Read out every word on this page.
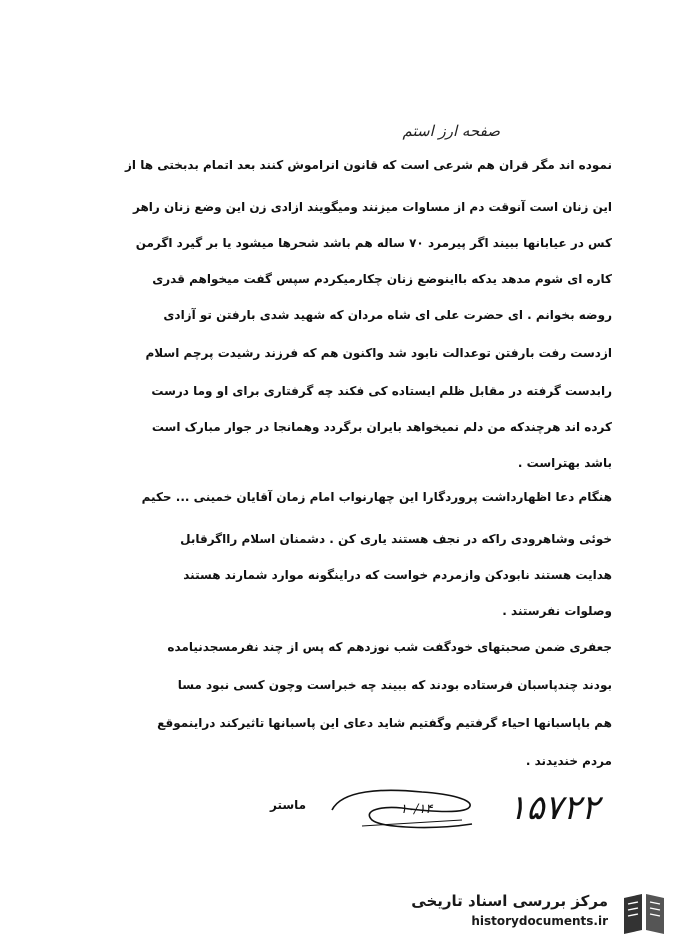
صفحه ارز استم
نموده اند مگر قران هم شرعی است که قانون انراموش کنند بعد اتمام بدبختی ها از
این زنان است آنوقت دم از مساوات میزنند ومیگویند ازادی زن این وضع زنان راهر
کس در عیابانها ببیند اگر پیرمرد ۷۰ ساله هم باشد شحرها میشود یا بر گیرد اگرمن
کاره ای شوم مدهد یدکه بااینوضع زنان چکارمیکردم سپس گفت میخواهم قدری
روضه بخوانم . ای حضرت علی ای شاه مردان که شهید شدی بارفتن تو آزادی
ازدست رفت بارفتن توعدالت نابود شد واکنون هم که فرزند رشیدت پرچم اسلام
رابدست گرفته در مقابل ظلم ایستاده کی فکند چه گرفتاری برای او وما درست
کرده اند هرچندکه من دلم نمیخواهد بایران برگردد وهمانجا در جوار مبارک است
باشد بهتراست .
هنگام دعا اظهارداشت پروردگارا این چهارنواب امام زمان آقایان خمینی ... حکیم
خوئی وشاهرودی راکه در نجف هستند یاری کن . دشمنان اسلام رااگرقابل
هدایت هستند نابودکن وازمردم خواست که دراینگونه موارد شمارند هستند
وصلوات نفرستند .
جعفری ضمن صحبتهای خودگفت شب نوزدهم که پس از چند نفرمسجدنیامده
بودند چندپاسبان فرستاده بودند که ببیند چه خبراست وچون کسی نبود مسا
هم باپاسبانها احیاء گرفتیم وگفتیم شاید دعای این پاسبانها تاثیرکند دراینموقع
مردم خندیدند .
ماستر	۱۰/۱۴ ۱۵۷۲۲
مرکز بررسی اسناد تاریخی
historydocuments.ir
